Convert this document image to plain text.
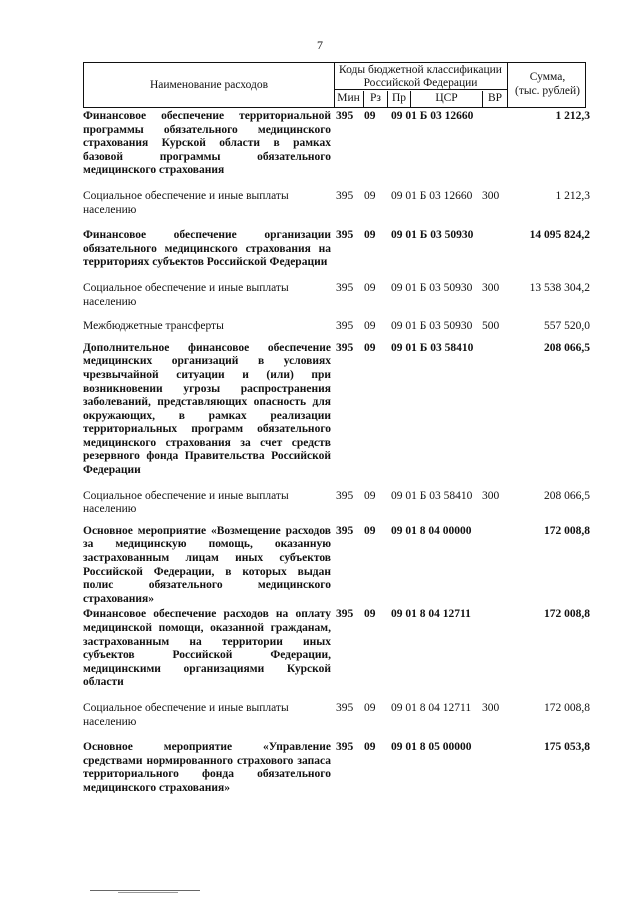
7
Наименование расходов
Коды бюджетной классификации
Российской Федерации
Мин Рз Пр	ЦСР	ВР
Сумма,
(тыс. рублей)
Финансовое обеспечение территориальной программы обязательного медицинского страхования Курской области в рамках базовой программы обязательного медицинского страхования
395 09 09 01 Б 03 12660	1 212,3
Социальное обеспечение и иные выплаты населению
395 09 09 01 Б 03 12660 300	1 212,3
Финансовое обеспечение организации обязательного медицинского страхования на территориях субъектов Российской Федерации
395 09 09 01 Б 03 50930	14 095 824,2
Социальное обеспечение и иные выплаты населению
395 09 09 01 Б 03 50930 300	13 538 304,2
Межбюджетные трансферты	395 09 09 01 Б 03 50930 500	557 520,0
Дополнительное финансовое обеспечение медицинских организаций в условиях чрезвычайной ситуации и (или) при возникновении угрозы распространения заболеваний, представляющих опасность для окружающих, в рамках реализации территориальных программ обязательного медицинского страхования за счет средств резервного фонда Правительства Российской Федерации
395 09 09 01 Б 03 58410	208 066,5
Социальное обеспечение и иные выплаты населению
395 09 09 01 Б 03 58410 300	208 066,5
Основное мероприятие «Возмещение расходов за медицинскую помощь, оказанную застрахованным лицам иных субъектов Российской Федерации, в которых выдан полис обязательного медицинского страхования»
395 09 09 01 8 04 00000	172 008,8
Финансовое обеспечение расходов на оплату медицинской помощи, оказанной гражданам, застрахованным на территории иных субъектов Российской Федерации, медицинскими организациями Курской области
395 09 09 01 8 04 12711	172 008,8
Социальное обеспечение и иные выплаты населению
395 09 09 01 8 04 12711 300	172 008,8
Основное мероприятие «Управление средствами нормированного страхового запаса территориального фонда обязательного медицинского страхования»
395 09 09 01 8 05 00000	175 053,8
